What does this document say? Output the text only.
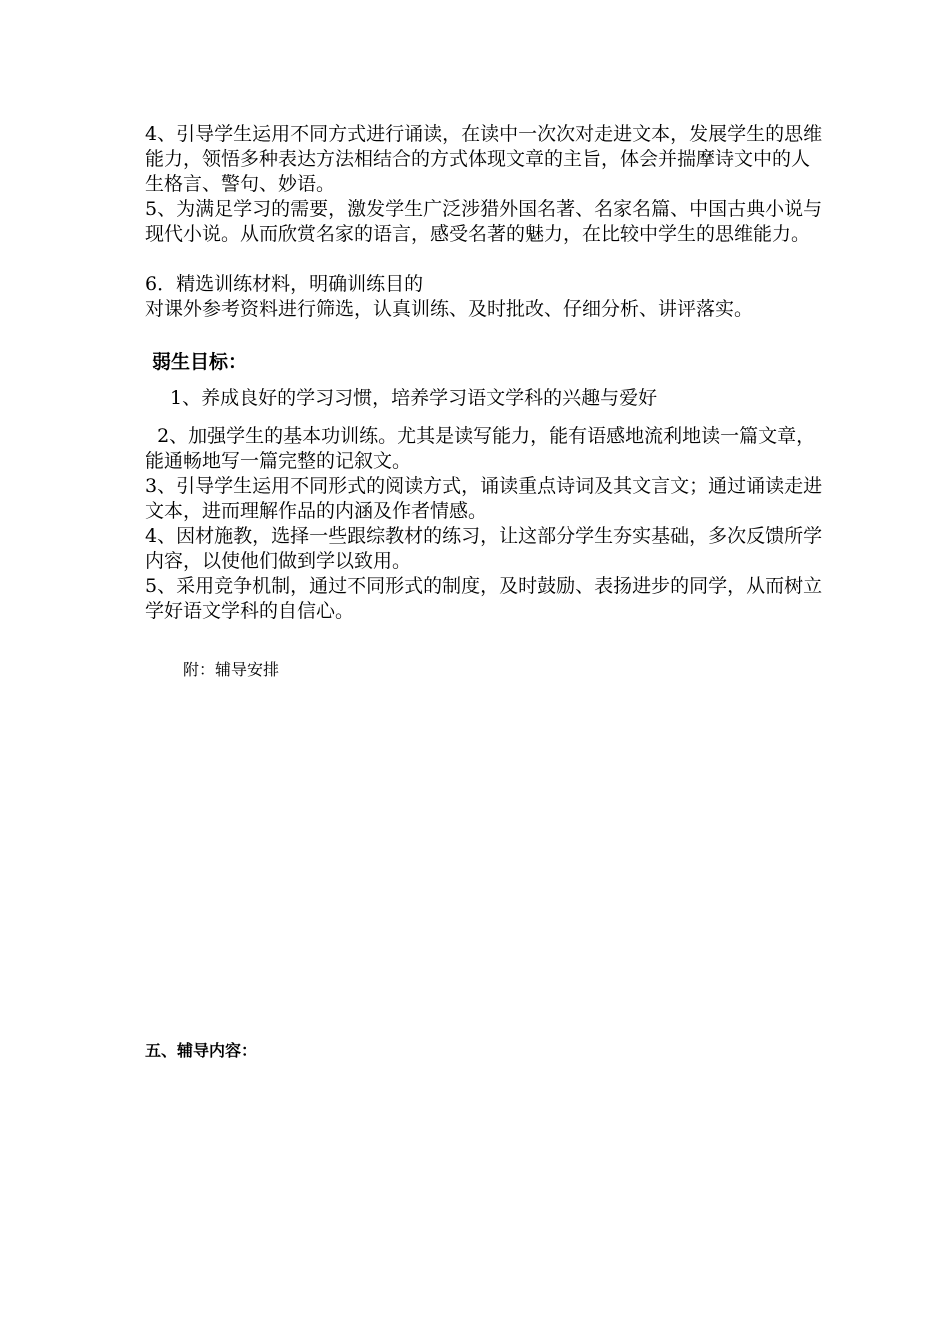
4、引导学生运用不同方式进行诵读，在读中一次次对走进文本，发展学生的思维能力，领悟多种表达方法相结合的方式体现文章的主旨，体会并揣摩诗文中的人生格言、警句、妙语。

5、为满足学习的需要，激发学生广泛涉猎外国名著、名家名篇、中国古典小说与现代小说。从而欣赏名家的语言，感受名著的魅力，在比较中学生的思维能力。

6．精选训练材料，明确训练目的

对课外参考资料进行筛选，认真训练、及时批改、仔细分析、讲评落实。

弱生目标：

1、养成良好的学习习惯，培养学习语文学科的兴趣与爱好

2、加强学生的基本功训练。尤其是读写能力，能有语感地流利地读一篇文章，能通畅地写一篇完整的记叙文。

3、引导学生运用不同形式的阅读方式，诵读重点诗词及其文言文；通过诵读走进文本，进而理解作品的内涵及作者情感。

4、因材施教，选择一些跟综教材的练习，让这部分学生夯实基础，多次反馈所学内容，以使他们做到学以致用。

5、采用竞争机制，通过不同形式的制度，及时鼓励、表扬进步的同学，从而树立学好语文学科的自信心。

附：辅导安排

五、辅导内容：
